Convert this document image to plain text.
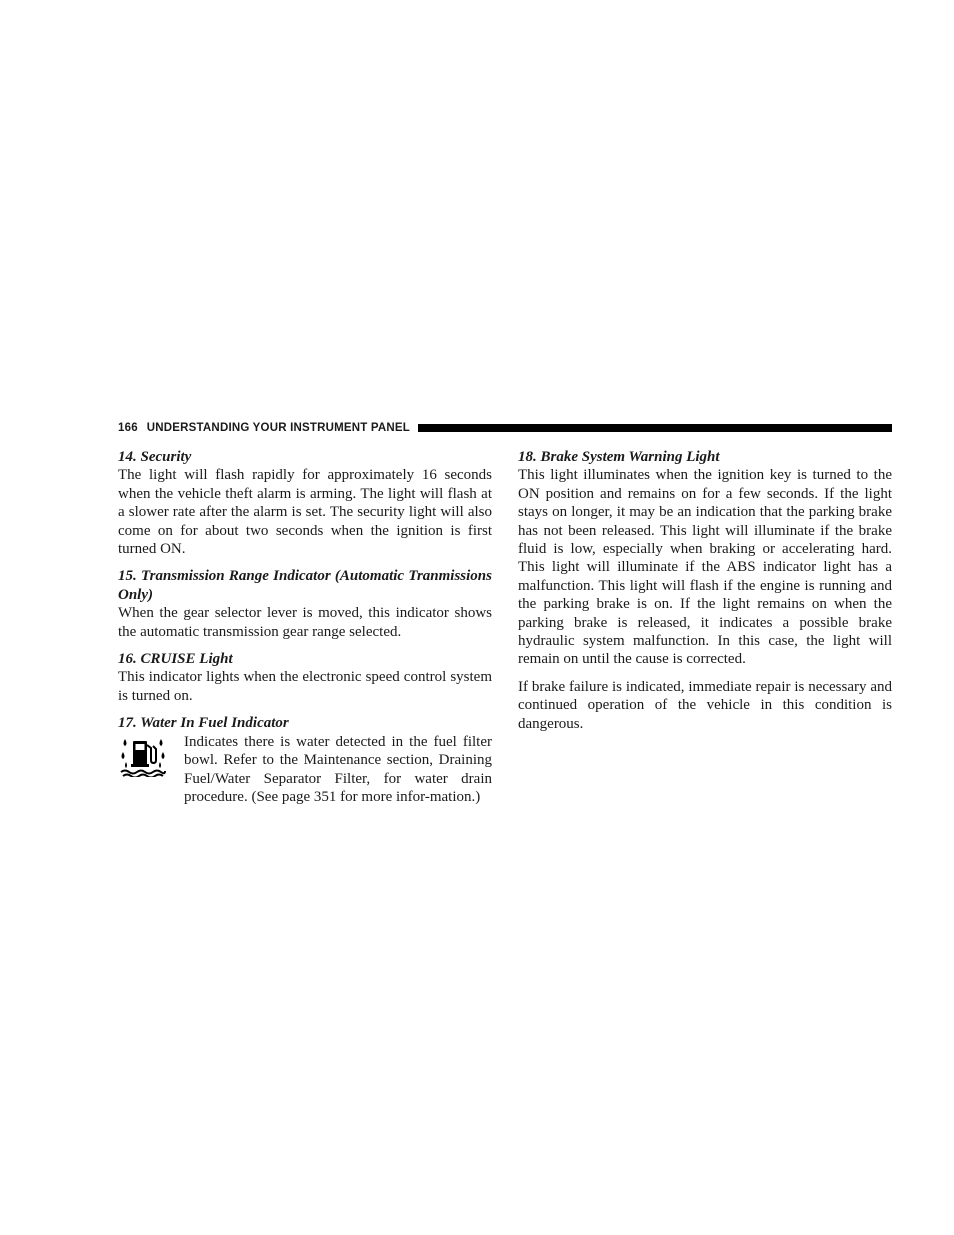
166 UNDERSTANDING YOUR INSTRUMENT PANEL

14. Security

The light will flash rapidly for approximately 16 seconds when the vehicle theft alarm is arming. The light will flash at a slower rate after the alarm is set. The security light will also come on for about two seconds when the ignition is first turned ON.

15. Transmission Range Indicator (Automatic Tranmissions Only)

When the gear selector lever is moved, this indicator shows the automatic transmission gear range selected.

16. CRUISE Light

This indicator lights when the electronic speed control system is turned on.

17. Water In Fuel Indicator

Indicates there is water detected in the fuel filter bowl. Refer to the Maintenance section, Draining Fuel/Water Separator Filter, for water drain procedure. (See page 351 for more infor-mation.)

18. Brake System Warning Light

This light illuminates when the ignition key is turned to the ON position and remains on for a few seconds. If the light stays on longer, it may be an indication that the parking brake has not been released. This light will illuminate if the brake fluid is low, especially when braking or accelerating hard. This light will illuminate if the ABS indicator light has a malfunction. This light will flash if the engine is running and the parking brake is on. If the light remains on when the parking brake is released, it indicates a possible brake hydraulic system malfunction. In this case, the light will remain on until the cause is corrected.

If brake failure is indicated, immediate repair is necessary and continued operation of the vehicle in this condition is dangerous.
